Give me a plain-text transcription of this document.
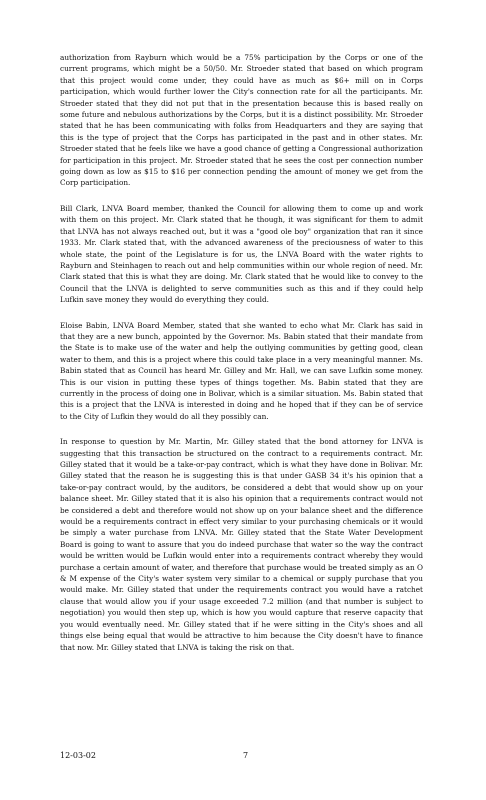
authorization from Rayburn which would be a 75% participation by the Corps or one of the current programs, which might be a 50/50. Mr. Stroeder stated that based on which program that this project would come under, they could have as much as $6+ mill on in Corps participation, which would further lower the City's connection rate for all the participants. Mr. Stroeder stated that they did not put that in the presentation because this is based really on some future and nebulous authorizations by the Corps, but it is a distinct possibility. Mr. Stroeder stated that he has been communicating with folks from Headquarters and they are saying that this is the type of project that the Corps has participated in the past and in other states. Mr. Stroeder stated that he feels like we have a good chance of getting a Congressional authorization for participation in this project. Mr. Stroeder stated that he sees the cost per connection number going down as low as $15 to $16 per connection pending the amount of money we get from the Corp participation.

Bill Clark, LNVA Board member, thanked the Council for allowing them to come up and work with them on this project. Mr. Clark stated that he though, it was significant for them to admit that LNVA has not always reached out, but it was a "good ole boy" organization that ran it since 1933. Mr. Clark stated that, with the advanced awareness of the preciousness of water to this whole state, the point of the Legislature is for us, the LNVA Board with the water rights to Rayburn and Steinhagen to reach out and help communities within our whole region of need. Mr. Clark stated that this is what they are doing. Mr. Clark stated that he would like to convey to the Council that the LNVA is delighted to serve communities such as this and if they could help Lufkin save money they would do everything they could.

Eloise Babin, LNVA Board Member, stated that she wanted to echo what Mr. Clark has said in that they are a new bunch, appointed by the Governor. Ms. Babin stated that their mandate from the State is to make use of the water and help the outlying communities by getting good, clean water to them, and this is a project where this could take place in a very meaningful manner. Ms. Babin stated that as Council has heard Mr. Gilley and Mr. Hall, we can save Lufkin some money. This is our vision in putting these types of things together. Ms. Babin stated that they are currently in the process of doing one in Bolivar, which is a similar situation. Ms. Babin stated that this is a project that the LNVA is interested in doing and he hoped that if they can be of service to the City of Lufkin they would do all they possibly can.

In response to question by Mr. Martin, Mr. Gilley stated that the bond attorney for LNVA is suggesting that this transaction be structured on the contract to a requirements contract. Mr. Gilley stated that it would be a take-or-pay contract, which is what they have done in Bolivar. Mr. Gilley stated that the reason he is suggesting this is that under GASB 34 it's his opinion that a take-or-pay contract would, by the auditors, be considered a debt that would show up on your balance sheet. Mr. Gilley stated that it is also his opinion that a requirements contract would not be considered a debt and therefore would not show up on your balance sheet and the difference would be a requirements contract in effect very similar to your purchasing chemicals or it would be simply a water purchase from LNVA. Mr. Gilley stated that the State Water Development Board is going to want to assure that you do indeed purchase that water so the way the contract would be written would be Lufkin would enter into a requirements contract whereby they would purchase a certain amount of water, and therefore that purchase would be treated simply as an O & M expense of the City's water system very similar to a chemical or supply purchase that you would make. Mr. Gilley stated that under the requirements contract you would have a ratchet clause that would allow you if your usage exceeded 7.2 million (and that number is subject to negotiation) you would then step up, which is how you would capture that reserve capacity that you would eventually need. Mr. Gilley stated that if he were sitting in the City's shoes and all things else being equal that would be attractive to him because the City doesn't have to finance that now. Mr. Gilley stated that LNVA is taking the risk on that.

12-03-02	7
